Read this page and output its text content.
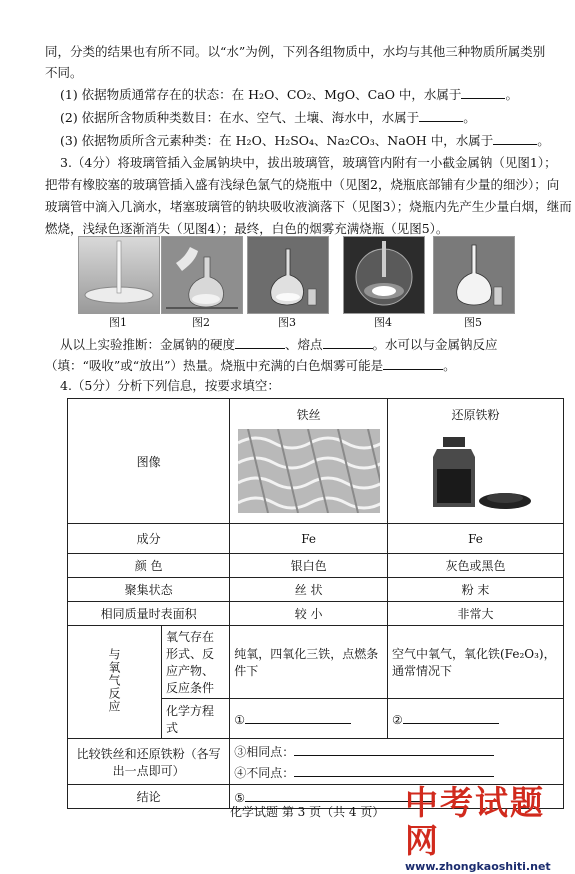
同，分类的结果也有所不同。以“水”为例，下列各组物质中，水均与其他三种物质所属类别
不同。
(1) 依据物质通常存在的状态：在 H₂O、CO₂、MgO、CaO 中，水属于	。
(2) 依据所含物质种类数目：在水、空气、土壤、海水中，水属于	。
(3) 依据物质所含元素种类：在 H₂O、H₂SO₄、Na₂CO₃、NaOH 中，水属于	。
3.（4分）将玻璃管插入金属钠块中，拔出玻璃管，玻璃管内附有一小截金属钠（见图1）；
把带有橡胶塞的玻璃管插入盛有浅绿色氯气的烧瓶中（见图2，烧瓶底部铺有少量的细沙）；向
玻璃管中滴入几滴水，堵塞玻璃管的钠块吸收液滴落下（见图3）；烧瓶内先产生少量白烟，继而
燃烧，浅绿色逐渐消失（见图4）；最终，白色的烟雾充满烧瓶（见图5）。
图1	图2	图3	图4	图5
从以上实验推断：金属钠的硬度	、熔点	。水可以与金属钠反应
（填：“吸收”或“放出”）热量。烧瓶中充满的白色烟雾可能是	。
4.（5分）分析下列信息，按要求填空：
图像		铁丝	还原铁粉

成分		Fe	Fe
颜 色		银白色	灰色或黑色
聚集状态		丝 状	粉 末
相同质量时表面积		较 小	非常大
与氧气反应	氧气存在形式、反应产物、反应条件	纯氧，四氧化三铁，点燃条件下	空气中氧气，氧化铁(Fe₂O₃)，通常情况下
	化学方程式	①	②
比较铁丝和还原铁粉（各写出一点即可）		③相同点：
④不同点：	

结论		⑤	
化学试题 第 3 页（共 4 页） 中考试题网
www.zhongkaoshiti.net
